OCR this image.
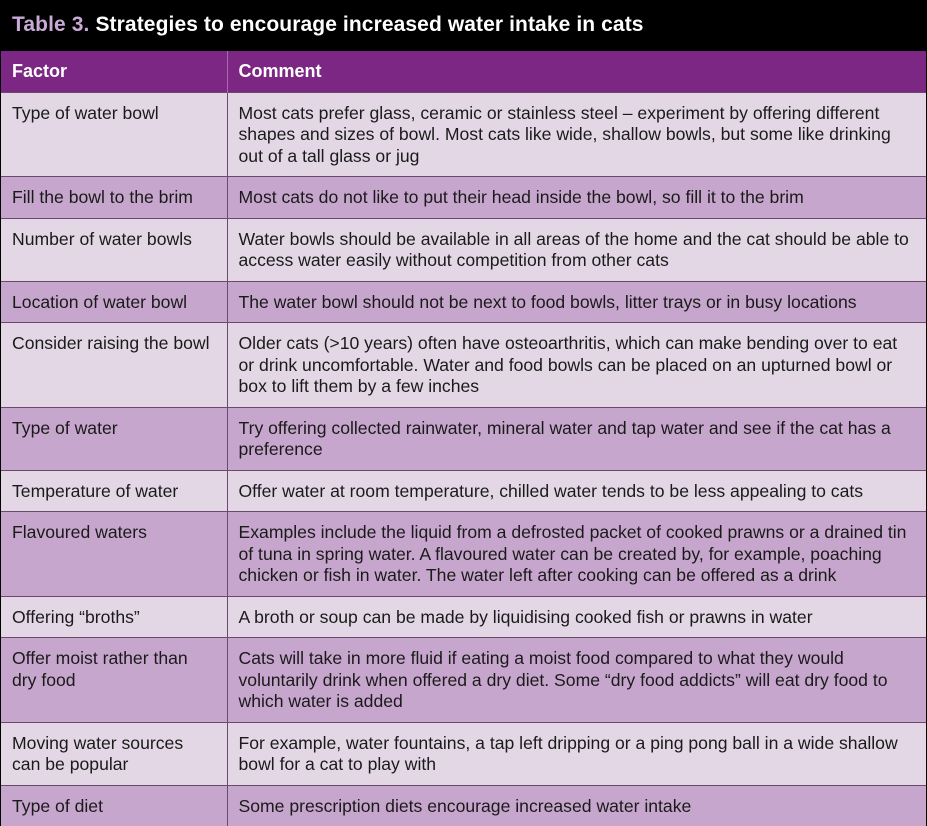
Table 3. Strategies to encourage increased water intake in cats
Factor	Comment
Type of water bowl	Most cats prefer glass, ceramic or stainless steel – experiment by offering different shapes and sizes of bowl. Most cats like wide, shallow bowls, but some like drinking out of a tall glass or jug
Fill the bowl to the brim	Most cats do not like to put their head inside the bowl, so fill it to the brim
Number of water bowls	Water bowls should be available in all areas of the home and the cat should be able to access water easily without competition from other cats
Location of water bowl	The water bowl should not be next to food bowls, litter trays or in busy locations
Consider raising the bowl	Older cats (>10 years) often have osteoarthritis, which can make bending over to eat or drink uncomfortable. Water and food bowls can be placed on an upturned bowl or box to lift them by a few inches
Type of water	Try offering collected rainwater, mineral water and tap water and see if the cat has a preference
Temperature of water	Offer water at room temperature, chilled water tends to be less appealing to cats
Flavoured waters	Examples include the liquid from a defrosted packet of cooked prawns or a drained tin of tuna in spring water. A flavoured water can be created by, for example, poaching chicken or fish in water. The water left after cooking can be offered as a drink
Offering “broths”	A broth or soup can be made by liquidising cooked fish or prawns in water
Offer moist rather than dry food	Cats will take in more fluid if eating a moist food compared to what they would voluntarily drink when offered a dry diet. Some “dry food addicts” will eat dry food to which water is added
Moving water sources can be popular	For example, water fountains, a tap left dripping or a ping pong ball in a wide shallow bowl for a cat to play with
Type of diet	Some prescription diets encourage increased water intake
